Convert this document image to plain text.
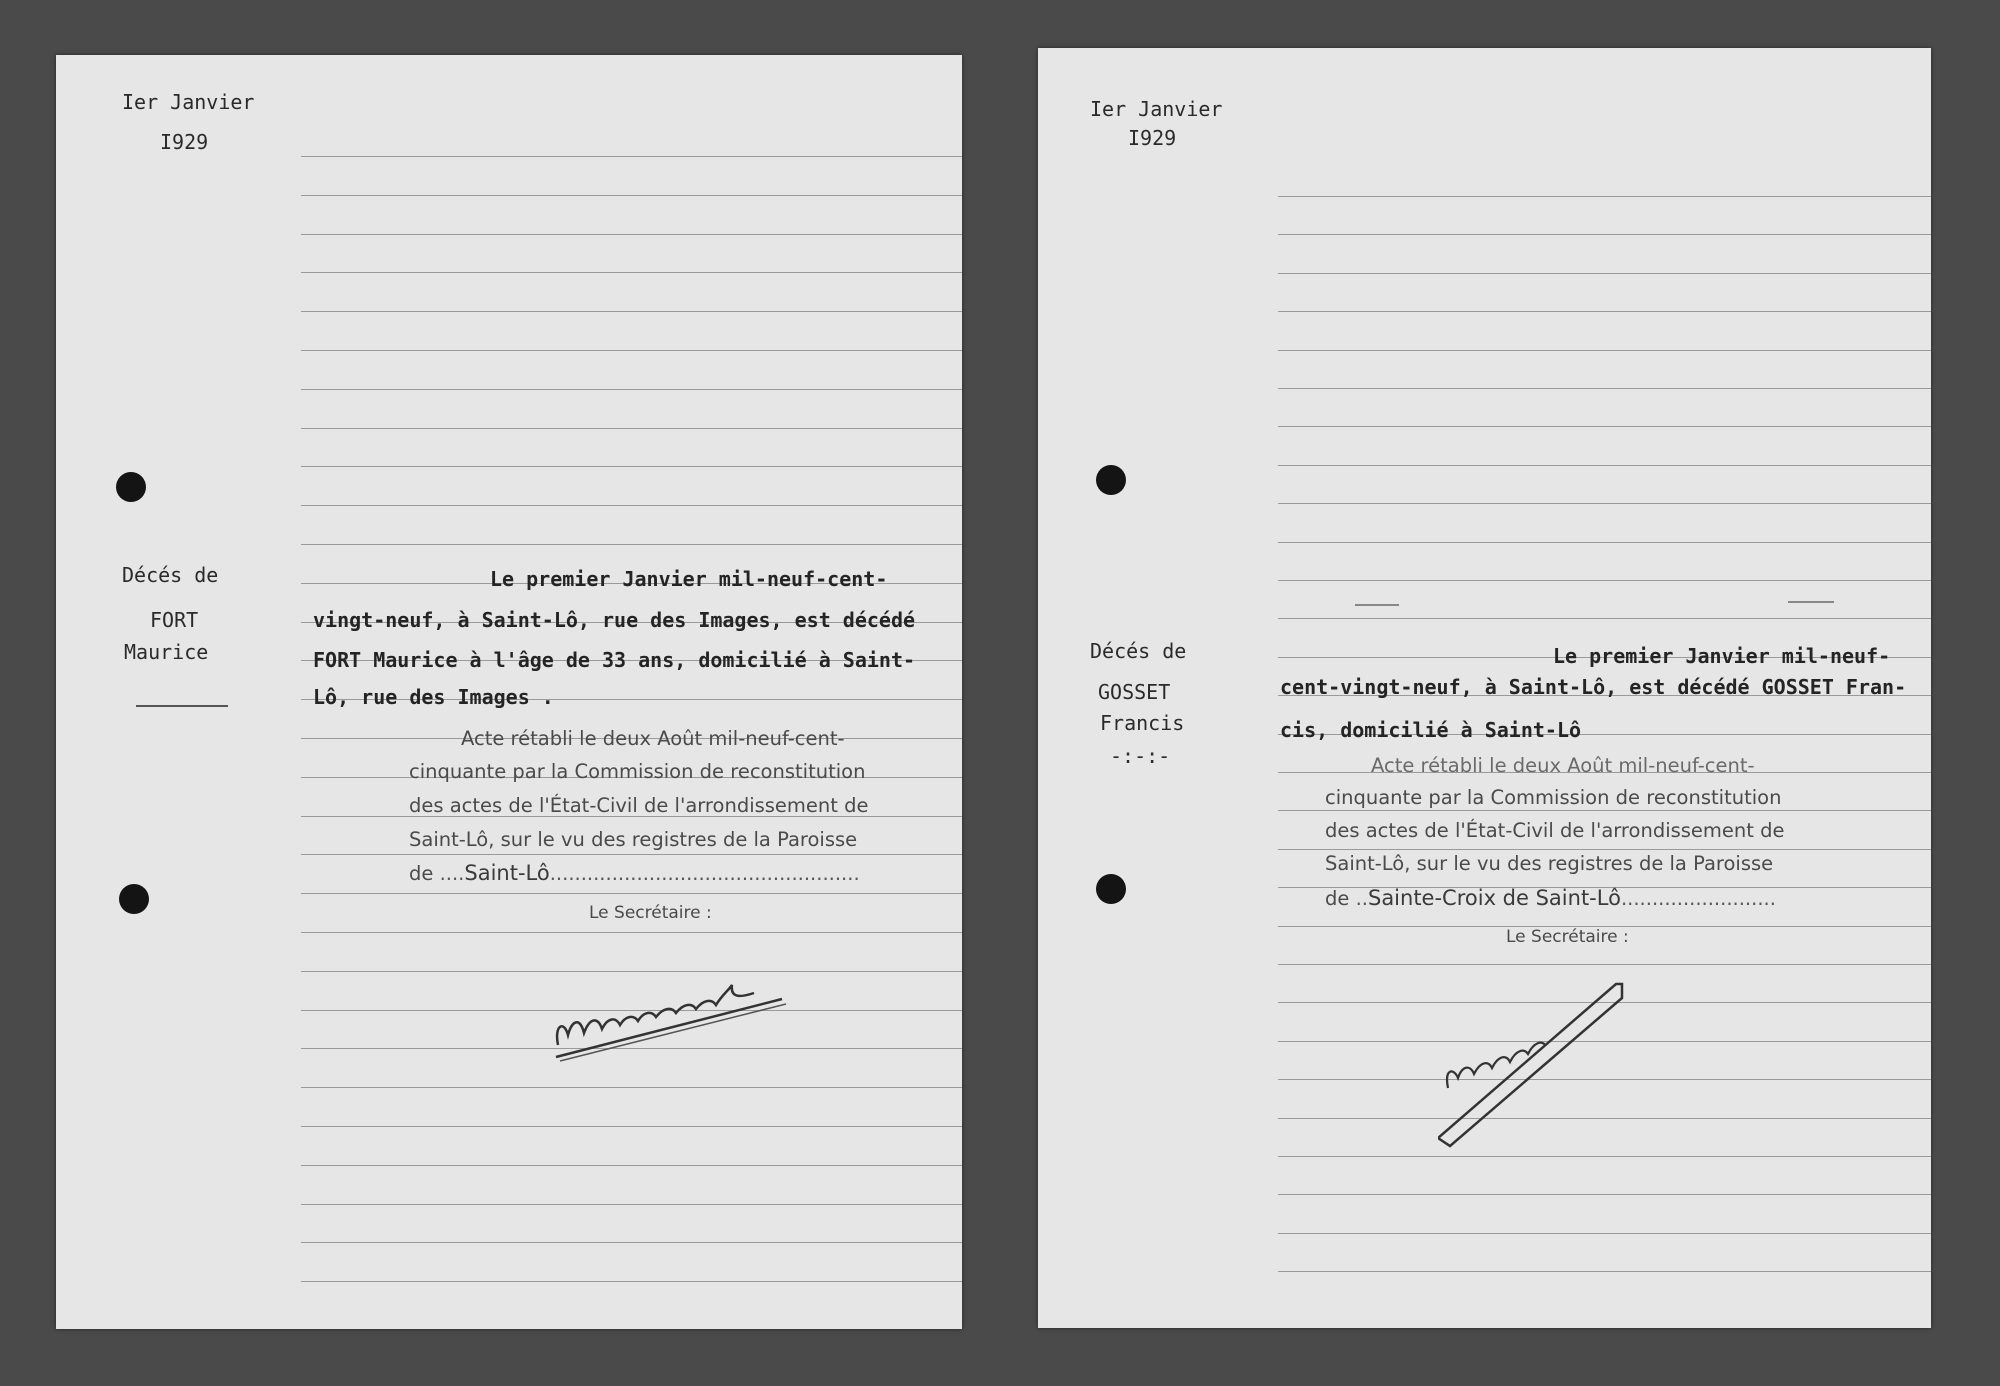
Ier Janvier
I929
Décés de
FORT
Maurice
Le premier Janvier mil-neuf-cent-
vingt-neuf, à Saint-Lô, rue des Images, est décédé
FORT Maurice à l'âge de 33 ans, domicilié à Saint-
Lô, rue des Images .
Acte rétabli le deux Août mil-neuf-cent-
cinquante par la Commission de reconstitution
des actes de l'État-Civil de l'arrondissement de
Saint-Lô, sur le vu des registres de la Paroisse
de ....Saint-Lô..................................................
Le Secrétaire :
Ier Janvier
I929
Décés de
GOSSET
Francis
-:-:-
Le premier Janvier mil-neuf-
cent-vingt-neuf, à Saint-Lô, est décédé GOSSET Fran-
cis, domicilié à Saint-Lô
Acte rétabli le deux Août mil-neuf-cent-
cinquante par la Commission de reconstitution
des actes de l'État-Civil de l'arrondissement de
Saint-Lô, sur le vu des registres de la Paroisse
de ..Sainte-Croix de Saint-Lô.........................
Le Secrétaire :
